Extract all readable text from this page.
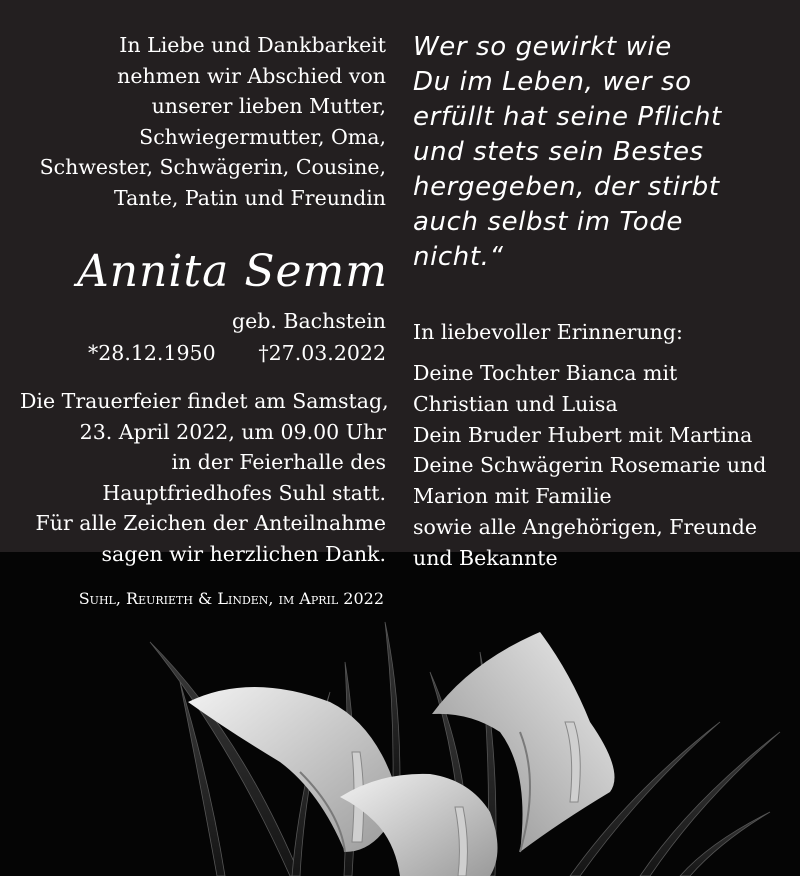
In Liebe und Dankbarkeit
nehmen wir Abschied von
unserer lieben Mutter,
Schwiegermutter, Oma,
Schwester, Schwägerin, Cousine,
Tante, Patin und Freundin
Annita Semm
geb. Bachstein
*28.12.1950 †27.03.2022
Die Trauerfeier findet am Samstag,
23. April 2022, um 09.00 Uhr
in der Feierhalle des
Hauptfriedhofes Suhl statt.
Für alle Zeichen der Anteilnahme
sagen wir herzlichen Dank.
Suhl, Reurieth & Linden, im April 2022
Wer so gewirkt wie
Du im Leben, wer so
erfüllt hat seine Pflicht
und stets sein Bestes
hergegeben, der stirbt
auch selbst im Tode
nicht.“
In liebevoller Erinnerung:
Deine Tochter Bianca mit
Christian und Luisa
Dein Bruder Hubert mit Martina
Deine Schwägerin Rosemarie und
Marion mit Familie
sowie alle Angehörigen, Freunde
und Bekannte
